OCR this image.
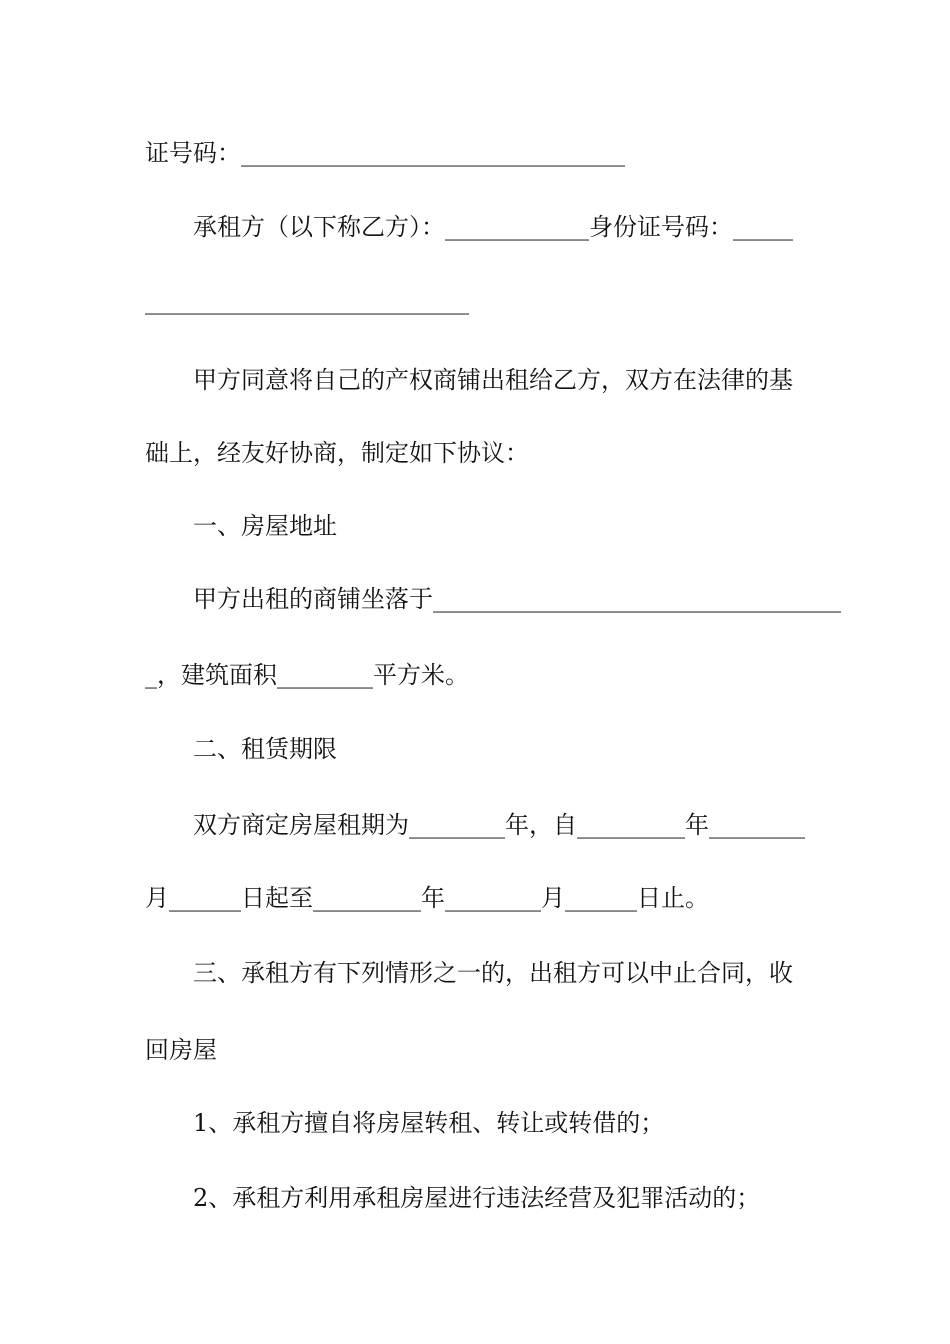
证号码：________________________________
承租方（以下称乙方）：____________身份证号码：_____
___________________________
甲方同意将自己的产权商铺出租给乙方，双方在法律的基
础上，经友好协商，制定如下协议：
一、房屋地址
甲方出租的商铺坐落于__________________________________
_，建筑面积________平方米。
二、租赁期限
双方商定房屋租期为________年，自_________年________
月______日起至_________年________月______日止。
三、承租方有下列情形之一的，出租方可以中止合同，收
回房屋
1、承租方擅自将房屋转租、转让或转借的；
2、承租方利用承租房屋进行违法经营及犯罪活动的；
